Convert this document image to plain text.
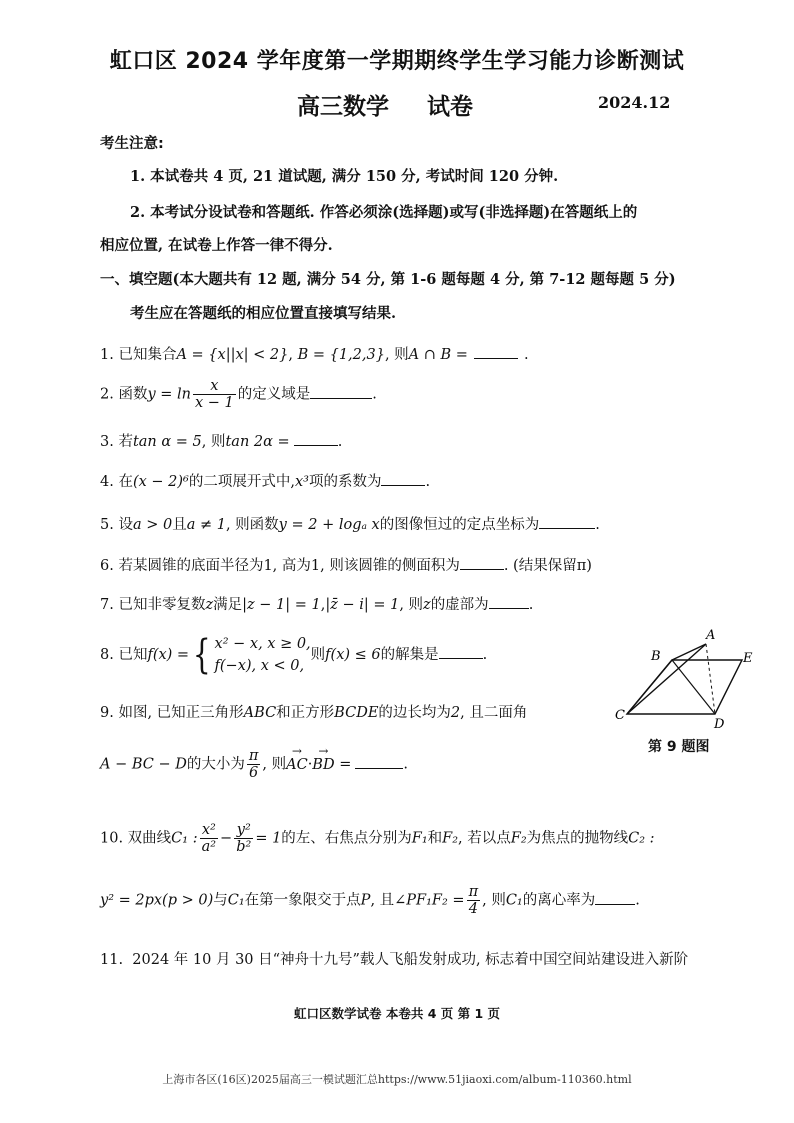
虹口区 2024 学年度第一学期期终学生学习能力诊断测试
高三数学 试卷	2024.12
考生注意:
1. 本试卷共 4 页, 21 道试题, 满分 150 分, 考试时间 120 分钟.
2. 本考试分设试卷和答题纸. 作答必须涂(选择题)或写(非选择题)在答题纸上的
相应位置, 在试卷上作答一律不得分.
一、填空题(本大题共有 12 题, 满分 54 分, 第 1-6 题每题 4 分, 第 7-12 题每题 5 分)
考生应在答题纸的相应位置直接填写结果.
1. 已知集合A = {x||x| < 2}, B = {1,2,3}, 则A ∩ B =	.
2. 函数$y = \ln \frac{x}{x - 1}$ 的定义域是	.
3. 若tan α = 5, 则tan 2α =	.
4. 在(x − 2)⁶的二项展开式中,x³项的系数为	.
5. 设a > 0且a ≠ 1, 则函数y = 2 + logₐ x的图像恒过的定点坐标为	.
6. 若某圆锥的底面半径为1, 高为1, 则该圆锥的侧面积为	. (结果保留π)
7. 已知非零复数z满足|z − 1| = 1,|z̄ − i| = 1, 则z的虚部为	.
8. 已知f(x) ={ x² − x, x ≥ 0,
f(−x), x < 0,
则f(x) ≤ 6的解集是	.
9. 如图, 已知正三角形ABC和正方形BCDE的边长均为2, 且二面角
A − BC − D的大小为 $\frac{\pi}{6}$ , 则→ AC·→ BD =	.
A
B
C
D
E
第 9 题图
10. 双曲线C₁ : $\frac{\text{x²}}{\text{a²}} - \frac{\text{y²}}{\text{b²}} = 1$的左、右焦点分别为F₁和F₂, 若以点F₂为焦点的抛物线C₂ :
y² = 2px(p > 0)与C₁在第一象限交于点P, 且∠PF₁F₂ = $\frac{\pi}{4}$ , 则C₁的离心率为	.
11. 2024 年 10 月 30 日“神舟十九号”载人飞船发射成功, 标志着中国空间站建设进入新阶
虹口区数学试卷 本卷共 4 页 第 1 页
上海市各区(16区)2025届高三一模试题汇总https://www.51jiaoxi.com/album-110360.html
